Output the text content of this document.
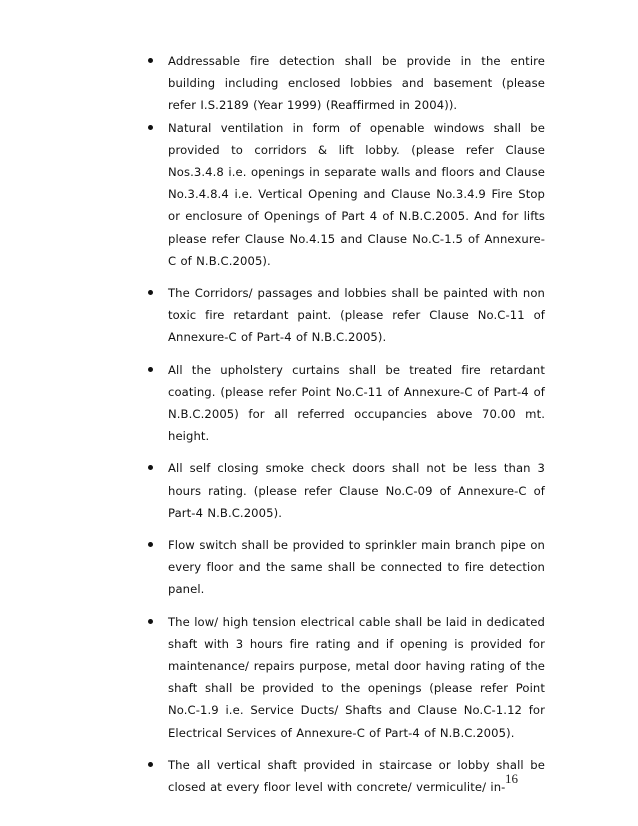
Addressable fire detection shall be provide in the entire building including enclosed lobbies and basement (please refer I.S.2189 (Year 1999) (Reaffirmed in 2004)).
Natural ventilation in form of openable windows shall be provided to corridors & lift lobby. (please refer Clause Nos.3.4.8 i.e. openings in separate walls and floors and Clause No.3.4.8.4 i.e. Vertical Opening and Clause No.3.4.9 Fire Stop or enclosure of Openings of Part 4 of N.B.C.2005. And for lifts please refer Clause No.4.15 and Clause No.C-1.5 of Annexure-C of N.B.C.2005).
The Corridors/ passages and lobbies shall be painted with non toxic fire retardant paint. (please refer Clause No.C-11 of Annexure-C of Part-4 of N.B.C.2005).
All the upholstery curtains shall be treated fire retardant coating. (please refer Point No.C-11 of Annexure-C of Part-4 of N.B.C.2005) for all referred occupancies above 70.00 mt. height.
All self closing smoke check doors shall not be less than 3 hours rating. (please refer Clause No.C-09 of Annexure-C of Part-4 N.B.C.2005).
Flow switch shall be provided to sprinkler main branch pipe on every floor and the same shall be connected to fire detection panel.
The low/ high tension electrical cable shall be laid in dedicated shaft with 3 hours fire rating and if opening is provided for maintenance/ repairs purpose, metal door having rating of the shaft shall be provided to the openings (please refer Point No.C-1.9 i.e. Service Ducts/ Shafts and Clause No.C-1.12 for Electrical Services of Annexure-C of Part-4 of N.B.C.2005).
The all vertical shaft provided in staircase or lobby shall be closed at every floor level with concrete/ vermiculite/ in-
16
